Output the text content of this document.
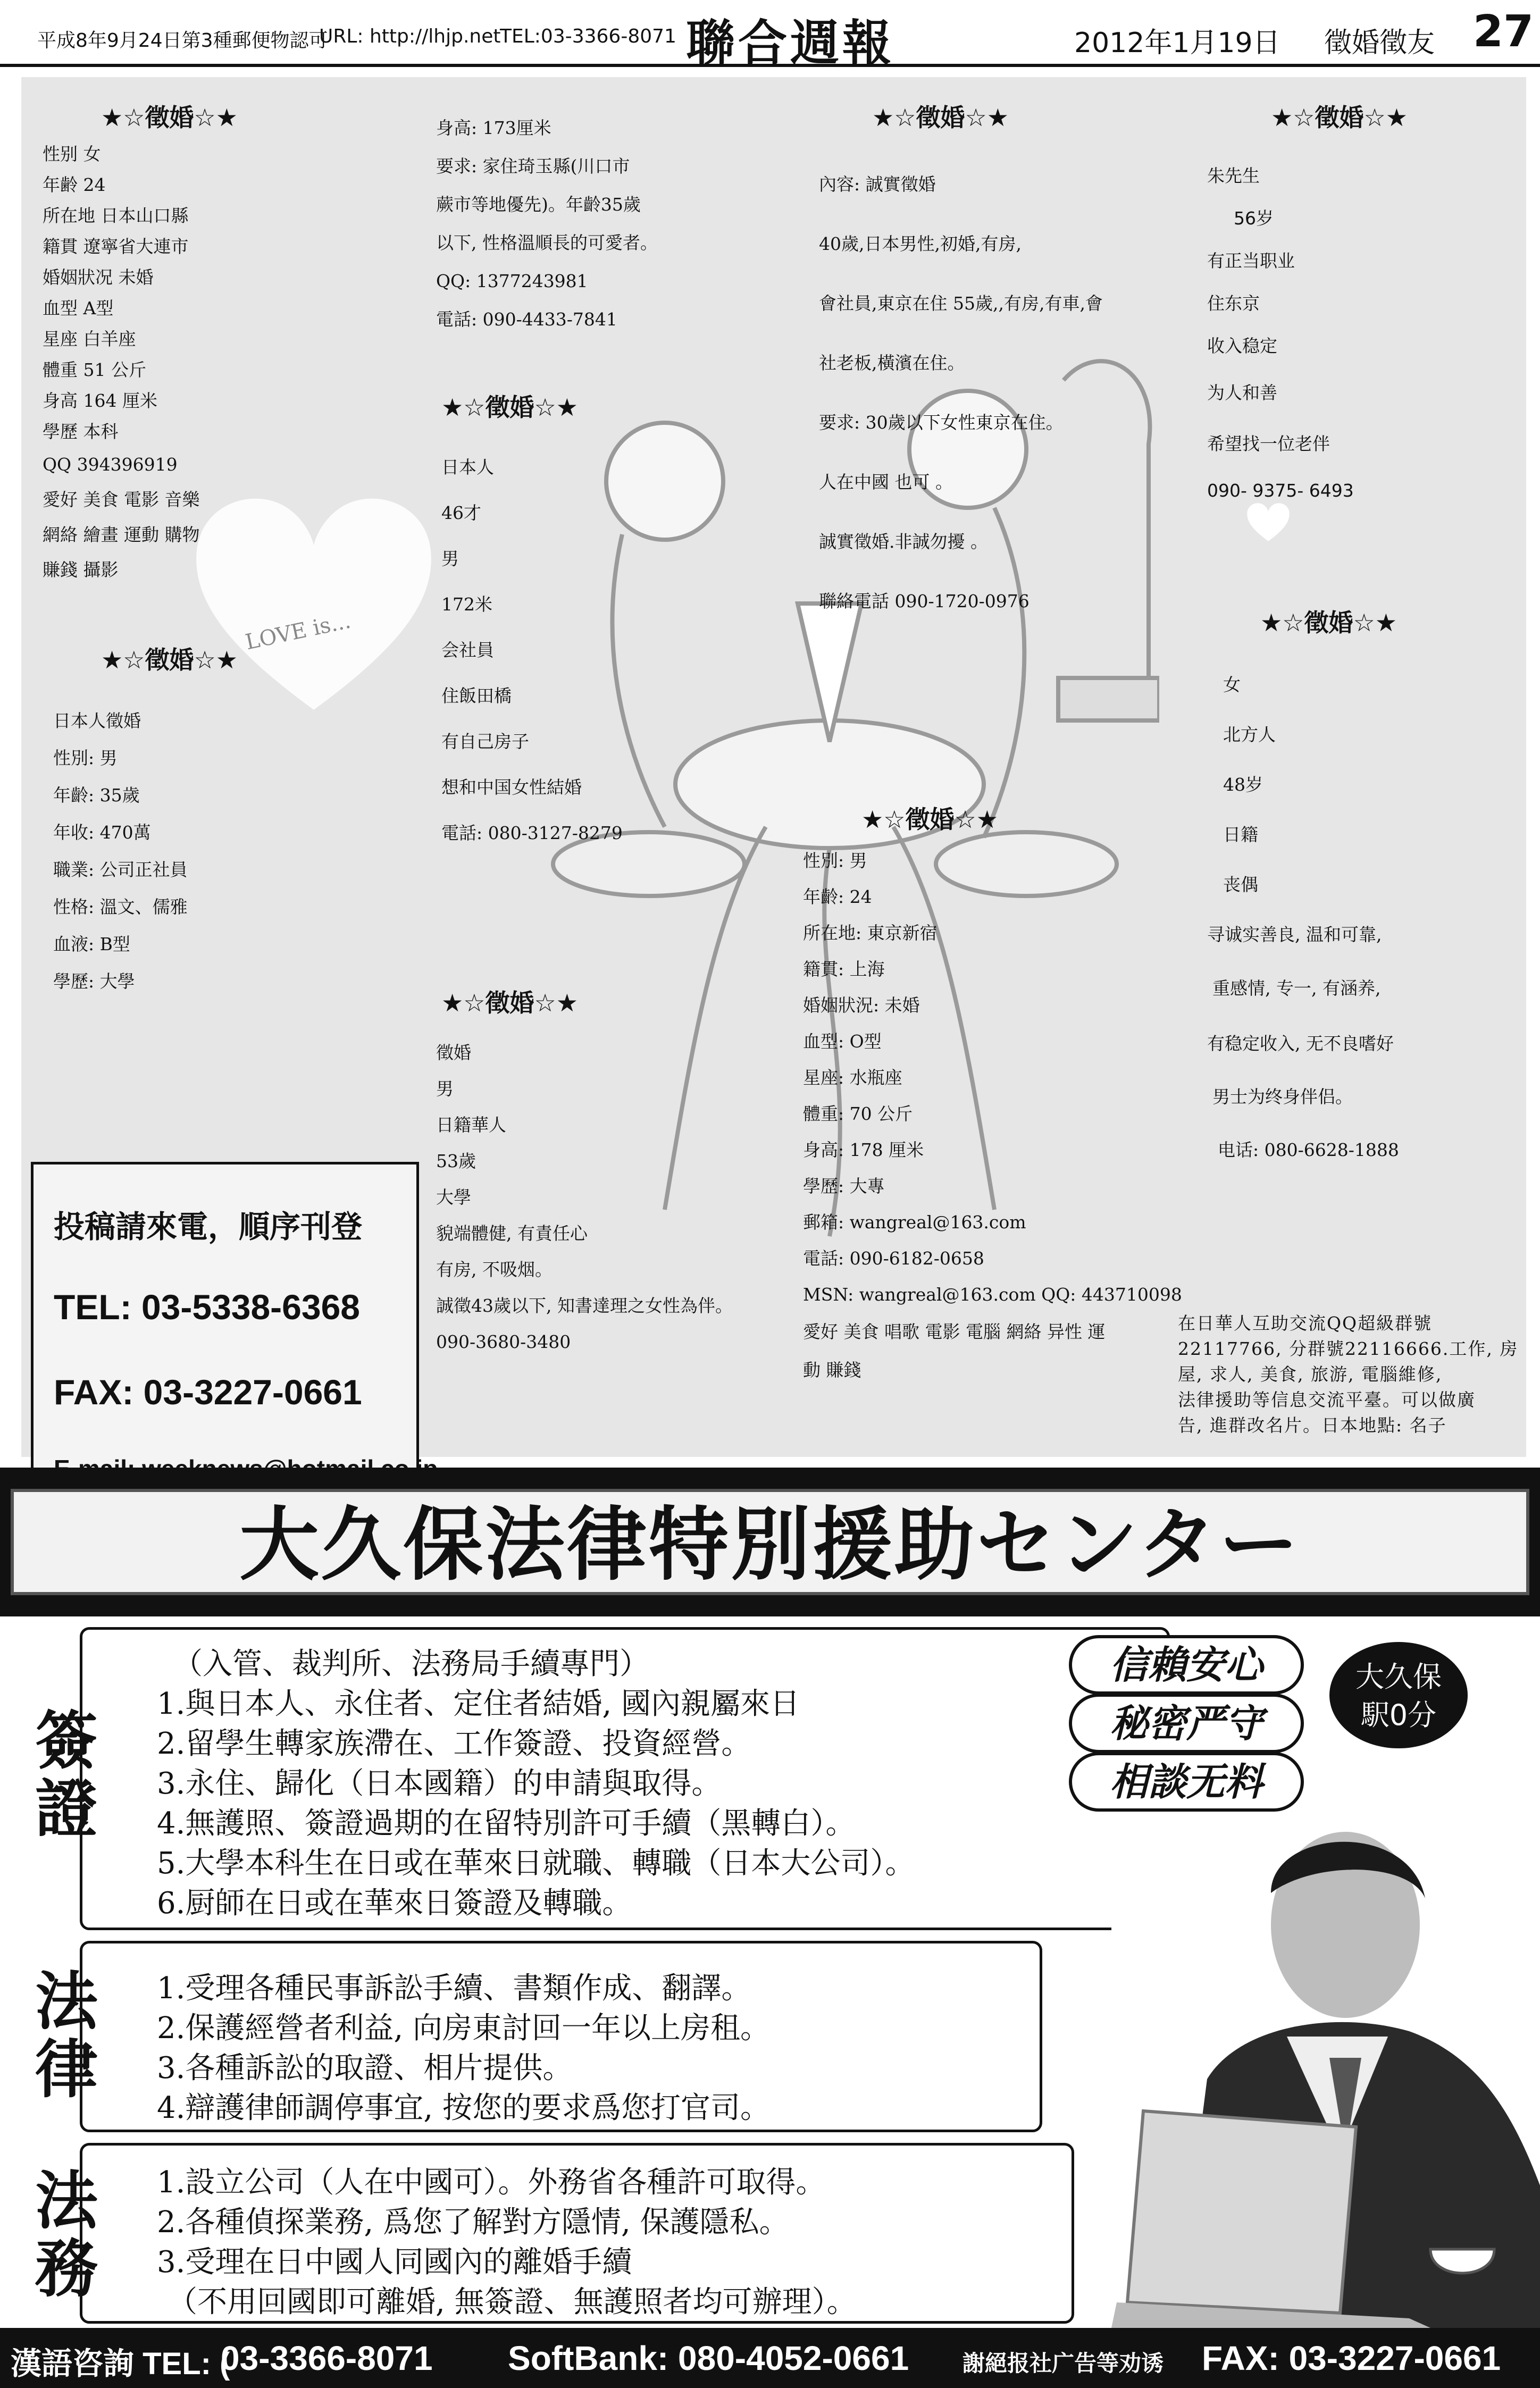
平成8年9月24日第3種郵便物認可
URL: http://lhjp.net
TEL:03-3366-8071 聯合週報	2012年1月19日 徵婚徵友 27
LOVE is...
★☆徵婚☆★
性别 女
年齢 24
所在地 日本山口縣
籍貫 遼寧省大連市
婚姻狀况 未婚
血型 A型
星座 白羊座
體重 51 公斤
身高 164 厘米
學歷 本科
QQ 394396919
愛好 美食 電影 音樂
網絡 繪畫 運動 購物
賺錢 攝影
★☆徵婚☆★
日本人徵婚
性別: 男
年齡: 35歲
年收: 470萬
職業: 公司正社員
性格: 溫文、儒雅
血液: B型
學歷: 大學
身高: 173厘米
要求: 家住琦玉縣(川口市
蕨市等地優先)。年齡35歲
以下, 性格溫順長的可愛者。
QQ: 1377243981
電話: 090-4433-7841
★☆徵婚☆★
日本人
46才
男
172米
会社員
住飯田橋
有自己房子
想和中国女性結婚
電話: 080-3127-8279
★☆徵婚☆★
徵婚
男
日籍華人
53歲
大學
貌端體健, 有責任心
有房, 不吸烟。
誠徵43歲以下, 知書達理之女性為伴。
090-3680-3480
★☆徵婚☆★
內容: 誠實徵婚
40歲,日本男性,初婚,有房,
會社員,東京在住 55歲,,有房,有車,會
社老板,橫濱在住。
要求: 30歲以下女性東京在住。
人在中國 也可 。
誠實徵婚.非誠勿擾 。
聯絡電話 090-1720-0976
★☆徵婚☆★
性別: 男
年齡: 24
所在地: 東京新宿
籍貫: 上海
婚姻狀況: 未婚
血型: O型
星座: 水瓶座
體重: 70 公斤
身高: 178 厘米
學歷: 大專
郵箱: wangreal@163.com
電話: 090-6182-0658
MSN: wangreal@163.com QQ: 443710098
愛好 美食 唱歌 電影 電腦 網絡 异性 運
動 賺錢
★☆徵婚☆★
朱先生
56岁
有正当职业
住东京
收入稳定
为人和善
希望找一位老伴
090- 9375- 6493
★☆徵婚☆★
女
北方人
48岁
日籍
丧偶
寻诚实善良, 温和可靠,
重感情, 专一, 有涵养,
有稳定收入, 无不良嗜好
男士为终身伴侣。
电话: 080-6628-1888
在日華人互助交流QQ超級群號
22117766, 分群號22116666.工作, 房
屋, 求人, 美食, 旅游, 電腦維修,
法律援助等信息交流平臺。可以做廣
告, 進群改名片。日本地點: 名子
投稿請來電，順序刊登
TEL: 03-5338-6368
FAX: 03-3227-0661
大久保法律特別援助センター
（入管、裁判所、法務局手續專門）
1.與日本人、永住者、定住者結婚, 國內親屬來日
2.留學生轉家族滯在、工作簽證、投資經營。
3.永住、歸化（日本國籍）的申請與取得。
4.無護照、簽證過期的在留特別許可手續（黑轉白）。
5.大學本科生在日或在華來日就職、轉職（日本大公司）。
6.厨師在日或在華來日簽證及轉職。
簽證
1.受理各種民事訴訟手續、書類作成、翻譯。
2.保護經營者利益, 向房東討回一年以上房租。
3.各種訴訟的取證、相片提供。
4.辯護律師調停事宜, 按您的要求爲您打官司。
法律
1.設立公司（人在中國可）。外務省各種許可取得。
2.各種偵探業務, 爲您了解對方隱情, 保護隱私。
3.受理在日中國人同國內的離婚手續
（不用回國即可離婚, 無簽證、無護照者均可辦理）。
法務
信賴安心
秘密严守
相談无料
大久保
駅0分
漢語咨詢 TEL: (
03-3366-8071 SoftBank: 080-4052-0661 謝絕报社广告等劝诱 FAX: 03-3227-0661
